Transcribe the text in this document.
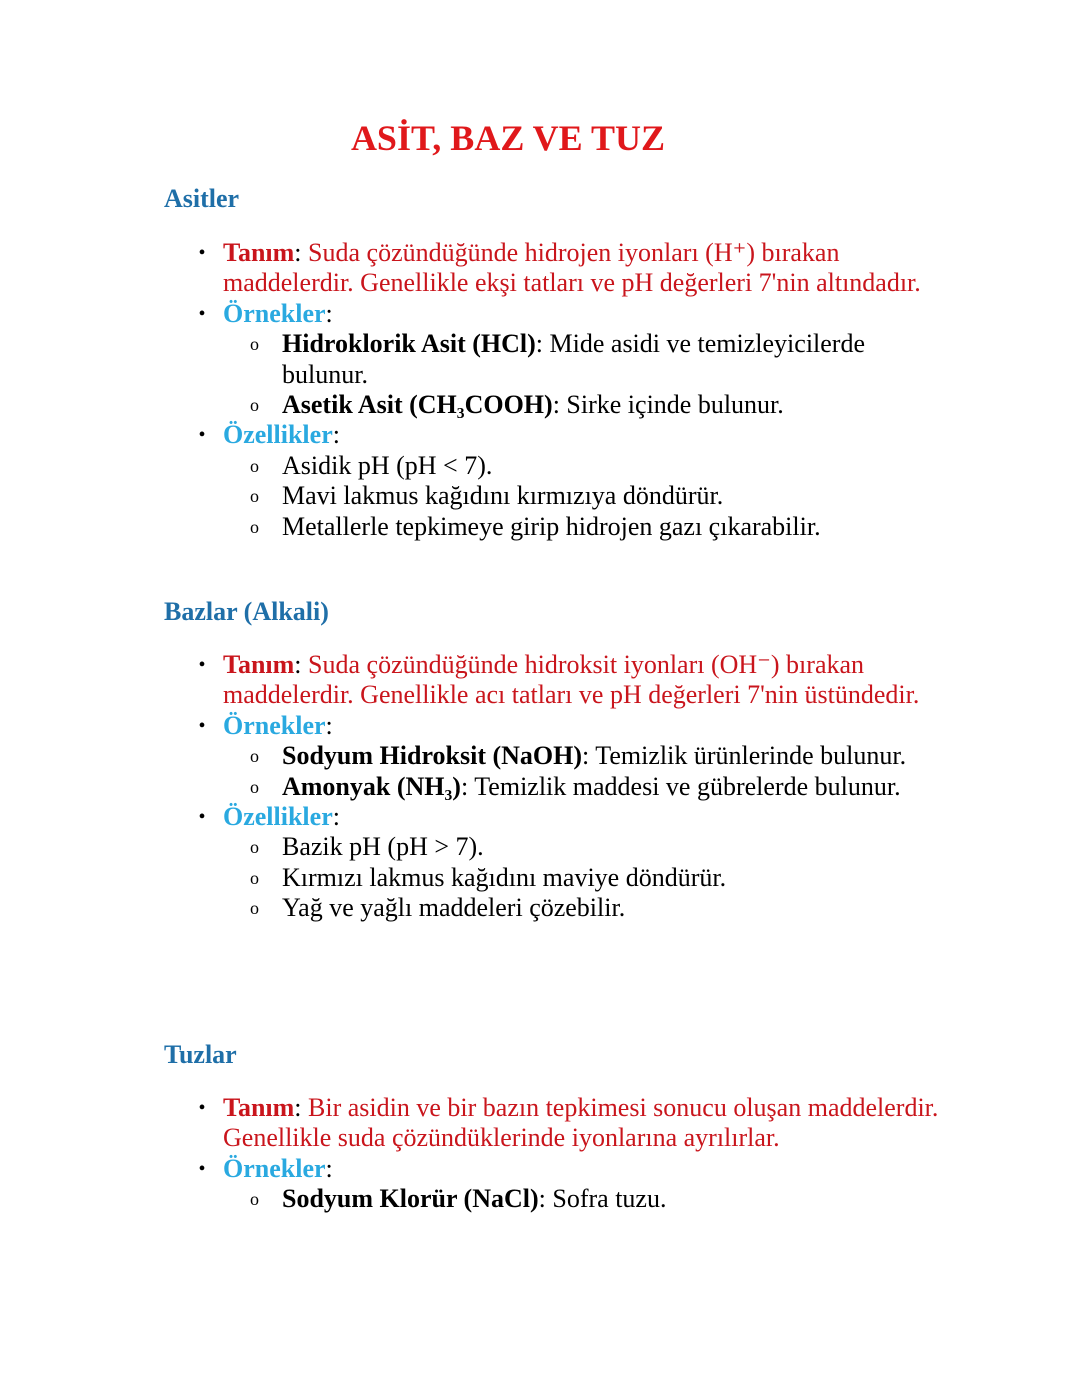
ASİT, BAZ VE TUZ
Asitler
• Tanım: Suda çözündüğünde hidrojen iyonları (H⁺) bırakan maddelerdir. Genellikle ekşi tatları ve pH değerleri 7'nin altındadır.
• Örnekler:
o Hidroklorik Asit (HCl): Mide asidi ve temizleyicilerde bulunur.
o Asetik Asit (CH₃COOH): Sirke içinde bulunur.
• Özellikler:
o Asidik pH (pH < 7).
o Mavi lakmus kağıdını kırmızıya döndürür.
o Metallerle tepkimeye girip hidrojen gazı çıkarabilir.
Bazlar (Alkali)
• Tanım: Suda çözündüğünde hidroksit iyonları (OH⁻) bırakan maddelerdir. Genellikle acı tatları ve pH değerleri 7'nin üstündedir.
• Örnekler:
o Sodyum Hidroksit (NaOH): Temizlik ürünlerinde bulunur.
o Amonyak (NH₃): Temizlik maddesi ve gübrelerde bulunur.
• Özellikler:
o Bazik pH (pH > 7).
o Kırmızı lakmus kağıdını maviye döndürür.
o Yağ ve yağlı maddeleri çözebilir.
Tuzlar
• Tanım: Bir asidin ve bir bazın tepkimesi sonucu oluşan maddelerdir. Genellikle suda çözündüklerinde iyonlarına ayrılırlar.
• Örnekler:
o Sodyum Klorür (NaCl): Sofra tuzu.
